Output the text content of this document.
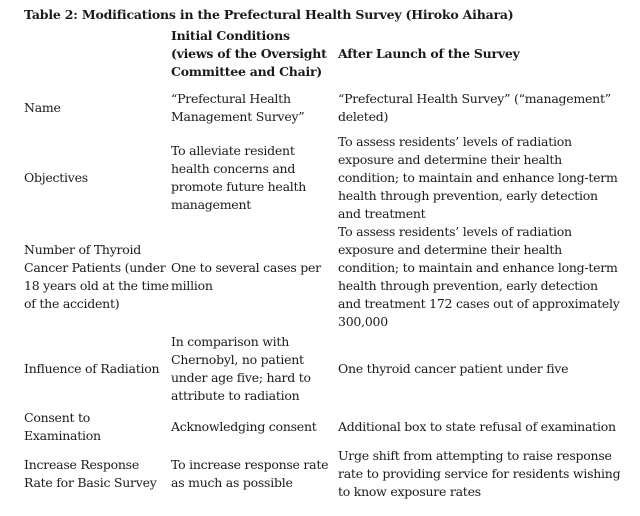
Table 2: Modifications in the Prefectural Health Survey (Hiroko Aihara)
	Initial Conditions (views of the Oversight Committee and Chair)	After Launch of the Survey
Name	“Prefectural Health Management Survey”	“Prefectural Health Survey” (“management” deleted)
Objectives	To alleviate resident health concerns and promote future health management	To assess residents’ levels of radiation exposure and determine their health condition; to maintain and enhance long-term health through prevention, early detection and treatment
Number of Thyroid Cancer Patients (under 18 years old at the time of the accident)	One to several cases per million	To assess residents’ levels of radiation exposure and determine their health condition; to maintain and enhance long-term health through prevention, early detection and treatment 172 cases out of approximately 300,000
Influence of Radiation	In comparison with Chernobyl, no patient under age five; hard to attribute to radiation	One thyroid cancer patient under five
Consent to Examination	Acknowledging consent	Additional box to state refusal of examination
Increase Response Rate for Basic Survey	To increase response rate as much as possible	Urge shift from attempting to raise response rate to providing service for residents wishing to know exposure rates
